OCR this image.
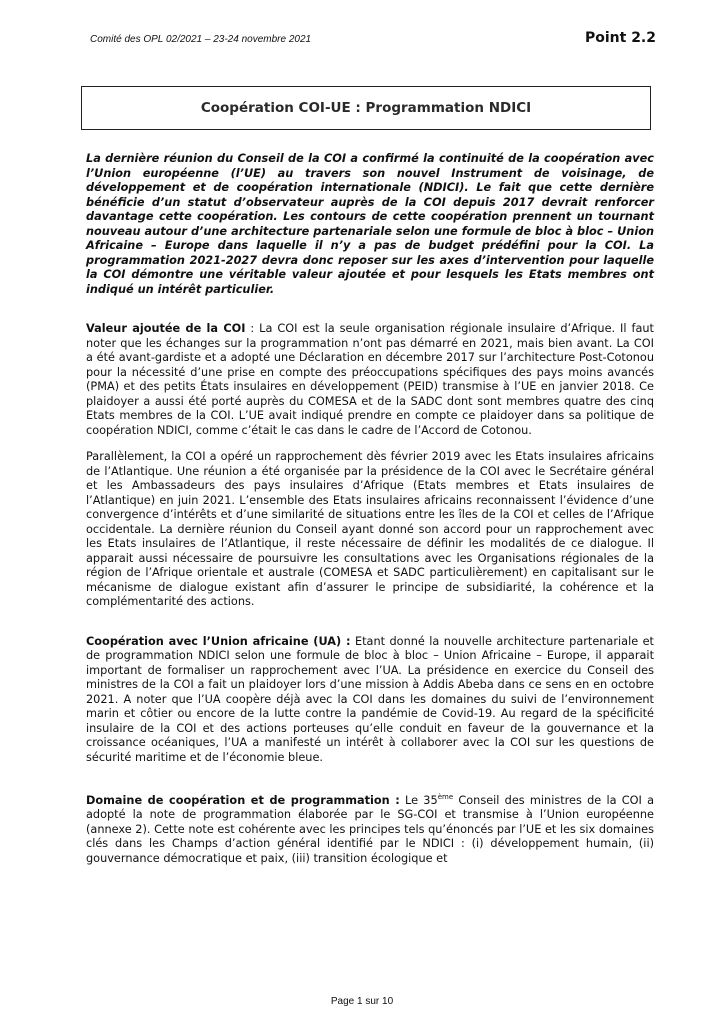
Comité des OPL 02/2021 – 23-24 novembre 2021	Point 2.2
Coopération COI-UE : Programmation NDICI

La dernière réunion du Conseil de la COI a confirmé la continuité de la coopération avec l’Union européenne (l’UE) au travers son nouvel Instrument de voisinage, de développement et de coopération internationale (NDICI). Le fait que cette dernière bénéficie d’un statut d’observateur auprès de la COI depuis 2017 devrait renforcer davantage cette coopération. Les contours de cette coopération prennent un tournant nouveau autour d’une architecture partenariale selon une formule de bloc à bloc – Union Africaine – Europe dans laquelle il n’y a pas de budget prédéfini pour la COI. La programmation 2021-2027 devra donc reposer sur les axes d’intervention pour laquelle la COI démontre une véritable valeur ajoutée et pour lesquels les Etats membres ont indiqué un intérêt particulier.

Valeur ajoutée de la COI : La COI est la seule organisation régionale insulaire d’Afrique. Il faut noter que les échanges sur la programmation n’ont pas démarré en 2021, mais bien avant. La COI a été avant-gardiste et a adopté une Déclaration en décembre 2017 sur l’architecture Post-Cotonou pour la nécessité d’une prise en compte des préoccupations spécifiques des pays moins avancés (PMA) et des petits États insulaires en développement (PEID) transmise à l’UE en janvier 2018. Ce plaidoyer a aussi été porté auprès du COMESA et de la SADC dont sont membres quatre des cinq Etats membres de la COI. L’UE avait indiqué prendre en compte ce plaidoyer dans sa politique de coopération NDICI, comme c’était le cas dans le cadre de l’Accord de Cotonou.

Parallèlement, la COI a opéré un rapprochement dès février 2019 avec les Etats insulaires africains de l’Atlantique. Une réunion a été organisée par la présidence de la COI avec le Secrétaire général et les Ambassadeurs des pays insulaires d’Afrique (Etats membres et Etats insulaires de l’Atlantique) en juin 2021. L’ensemble des Etats insulaires africains reconnaissent l’évidence d’une convergence d’intérêts et d’une similarité de situations entre les îles de la COI et celles de l’Afrique occidentale. La dernière réunion du Conseil ayant donné son accord pour un rapprochement avec les Etats insulaires de l’Atlantique, il reste nécessaire de définir les modalités de ce dialogue. Il apparait aussi nécessaire de poursuivre les consultations avec les Organisations régionales de la région de l’Afrique orientale et australe (COMESA et SADC particulièrement) en capitalisant sur le mécanisme de dialogue existant afin d’assurer le principe de subsidiarité, la cohérence et la complémentarité des actions.

Coopération avec l’Union africaine (UA) : Etant donné la nouvelle architecture partenariale et de programmation NDICI selon une formule de bloc à bloc – Union Africaine – Europe, il apparait important de formaliser un rapprochement avec l’UA. La présidence en exercice du Conseil des ministres de la COI a fait un plaidoyer lors d’une mission à Addis Abeba dans ce sens en en octobre 2021. A noter que l’UA coopère déjà avec la COI dans les domaines du suivi de l’environnement marin et côtier ou encore de la lutte contre la pandémie de Covid-19. Au regard de la spécificité insulaire de la COI et des actions porteuses qu’elle conduit en faveur de la gouvernance et la croissance océaniques, l’UA a manifesté un intérêt à collaborer avec la COI sur les questions de sécurité maritime et de l’économie bleue.

Domaine de coopération et de programmation : Le 35ème Conseil des ministres de la COI a adopté la note de programmation élaborée par le SG-COI et transmise à l’Union européenne (annexe 2). Cette note est cohérente avec les principes tels qu’énoncés par l’UE et les six domaines clés dans les Champs d’action général identifié par le NDICI : (i) développement humain, (ii) gouvernance démocratique et paix, (iii) transition écologique et

Page 1 sur 10
